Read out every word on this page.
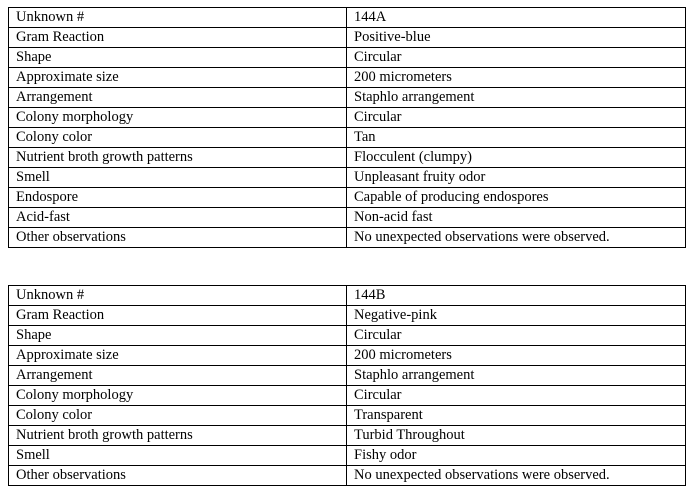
Unknown #	144A
Gram Reaction	Positive-blue
Shape	Circular
Approximate size	200 micrometers
Arrangement	Staphlo arrangement
Colony morphology	Circular
Colony color	Tan
Nutrient broth growth patterns	Flocculent (clumpy)
Smell	Unpleasant fruity odor
Endospore	Capable of producing endospores
Acid-fast	Non-acid fast
Other observations	No unexpected observations were observed.
Unknown #	144B
Gram Reaction	Negative-pink
Shape	Circular
Approximate size	200 micrometers
Arrangement	Staphlo arrangement
Colony morphology	Circular
Colony color	Transparent
Nutrient broth growth patterns	Turbid Throughout
Smell	Fishy odor
Other observations	No unexpected observations were observed.
